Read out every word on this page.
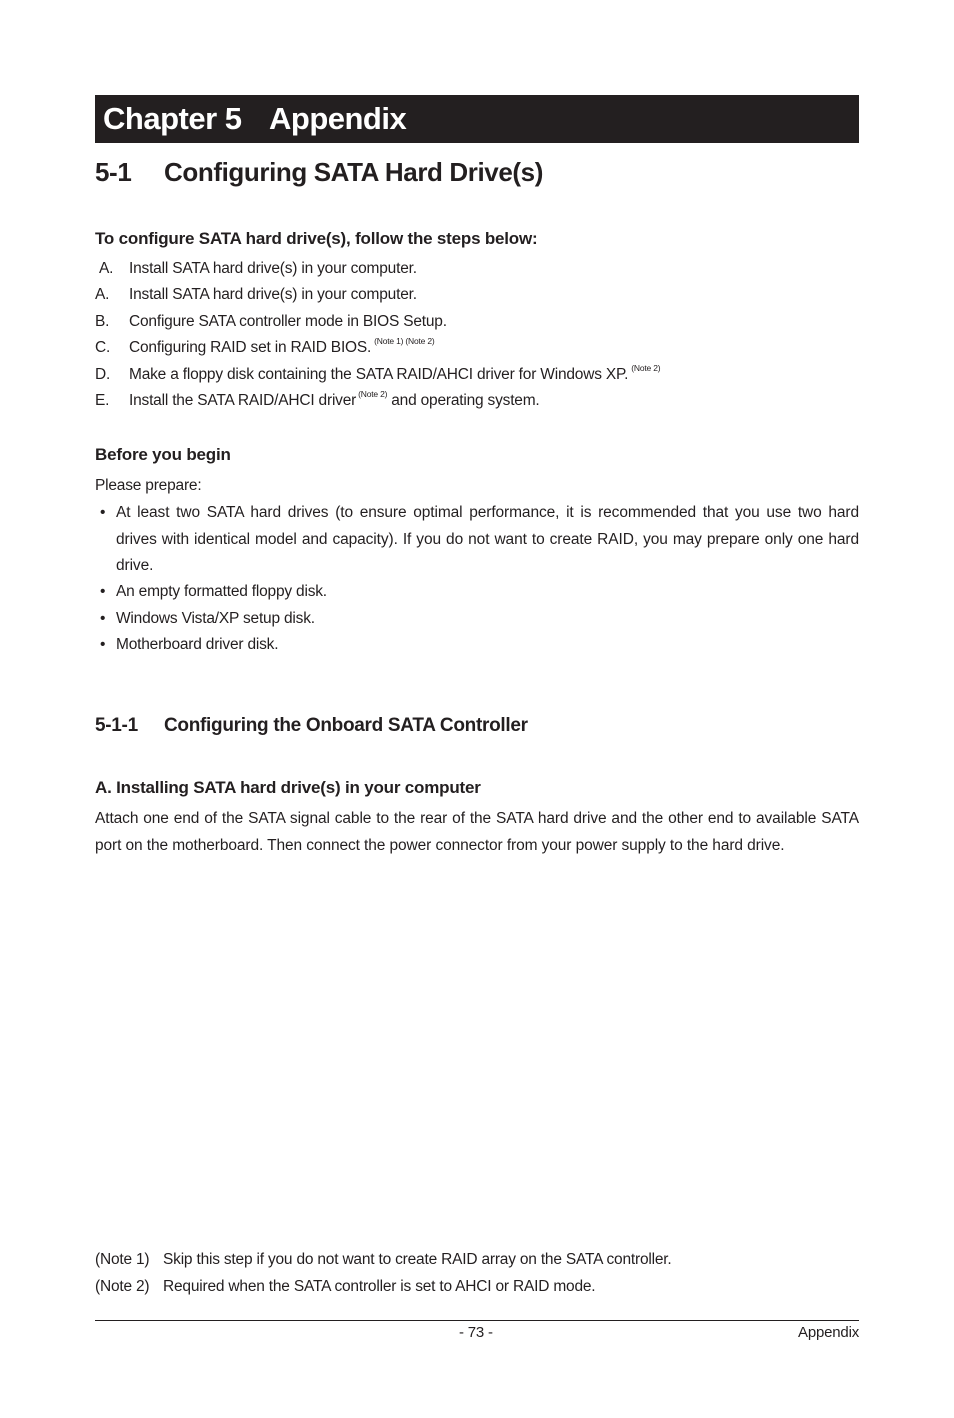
Chapter 5 Appendix
5-1 Configuring SATA Hard Drive(s)
To configure SATA hard drive(s), follow the steps below:
A. Install SATA hard drive(s) in your computer.
A. Install SATA hard drive(s) in your computer.
B. Configure SATA controller mode in BIOS Setup.
C. Configuring RAID set in RAID BIOS. $^{(Note 1) (Note 2)}$
D. Make a floppy disk containing the SATA RAID/AHCI driver for Windows XP. $^{(Note 2)}$
E. Install the SATA RAID/AHCI driver $^{(Note 2)}$ and operating system.
Before you begin
Please prepare:
• At least two SATA hard drives (to ensure optimal performance, it is recommended that you use two hard drives with identical model and capacity). If you do not want to create RAID, you may prepare only one hard drive.
• An empty formatted floppy disk.
• Windows Vista/XP setup disk.
• Motherboard driver disk.
5-1-1 Configuring the Onboard SATA Controller
A. Installing SATA hard drive(s) in your computer
Attach one end of the SATA signal cable to the rear of the SATA hard drive and the other end to available SATA port on the motherboard. Then connect the power connector from your power supply to the hard drive.
(Note 1) Skip this step if you do not want to create RAID array on the SATA controller.
(Note 2) Required when the SATA controller is set to AHCI or RAID mode.
- 73 -	Appendix
